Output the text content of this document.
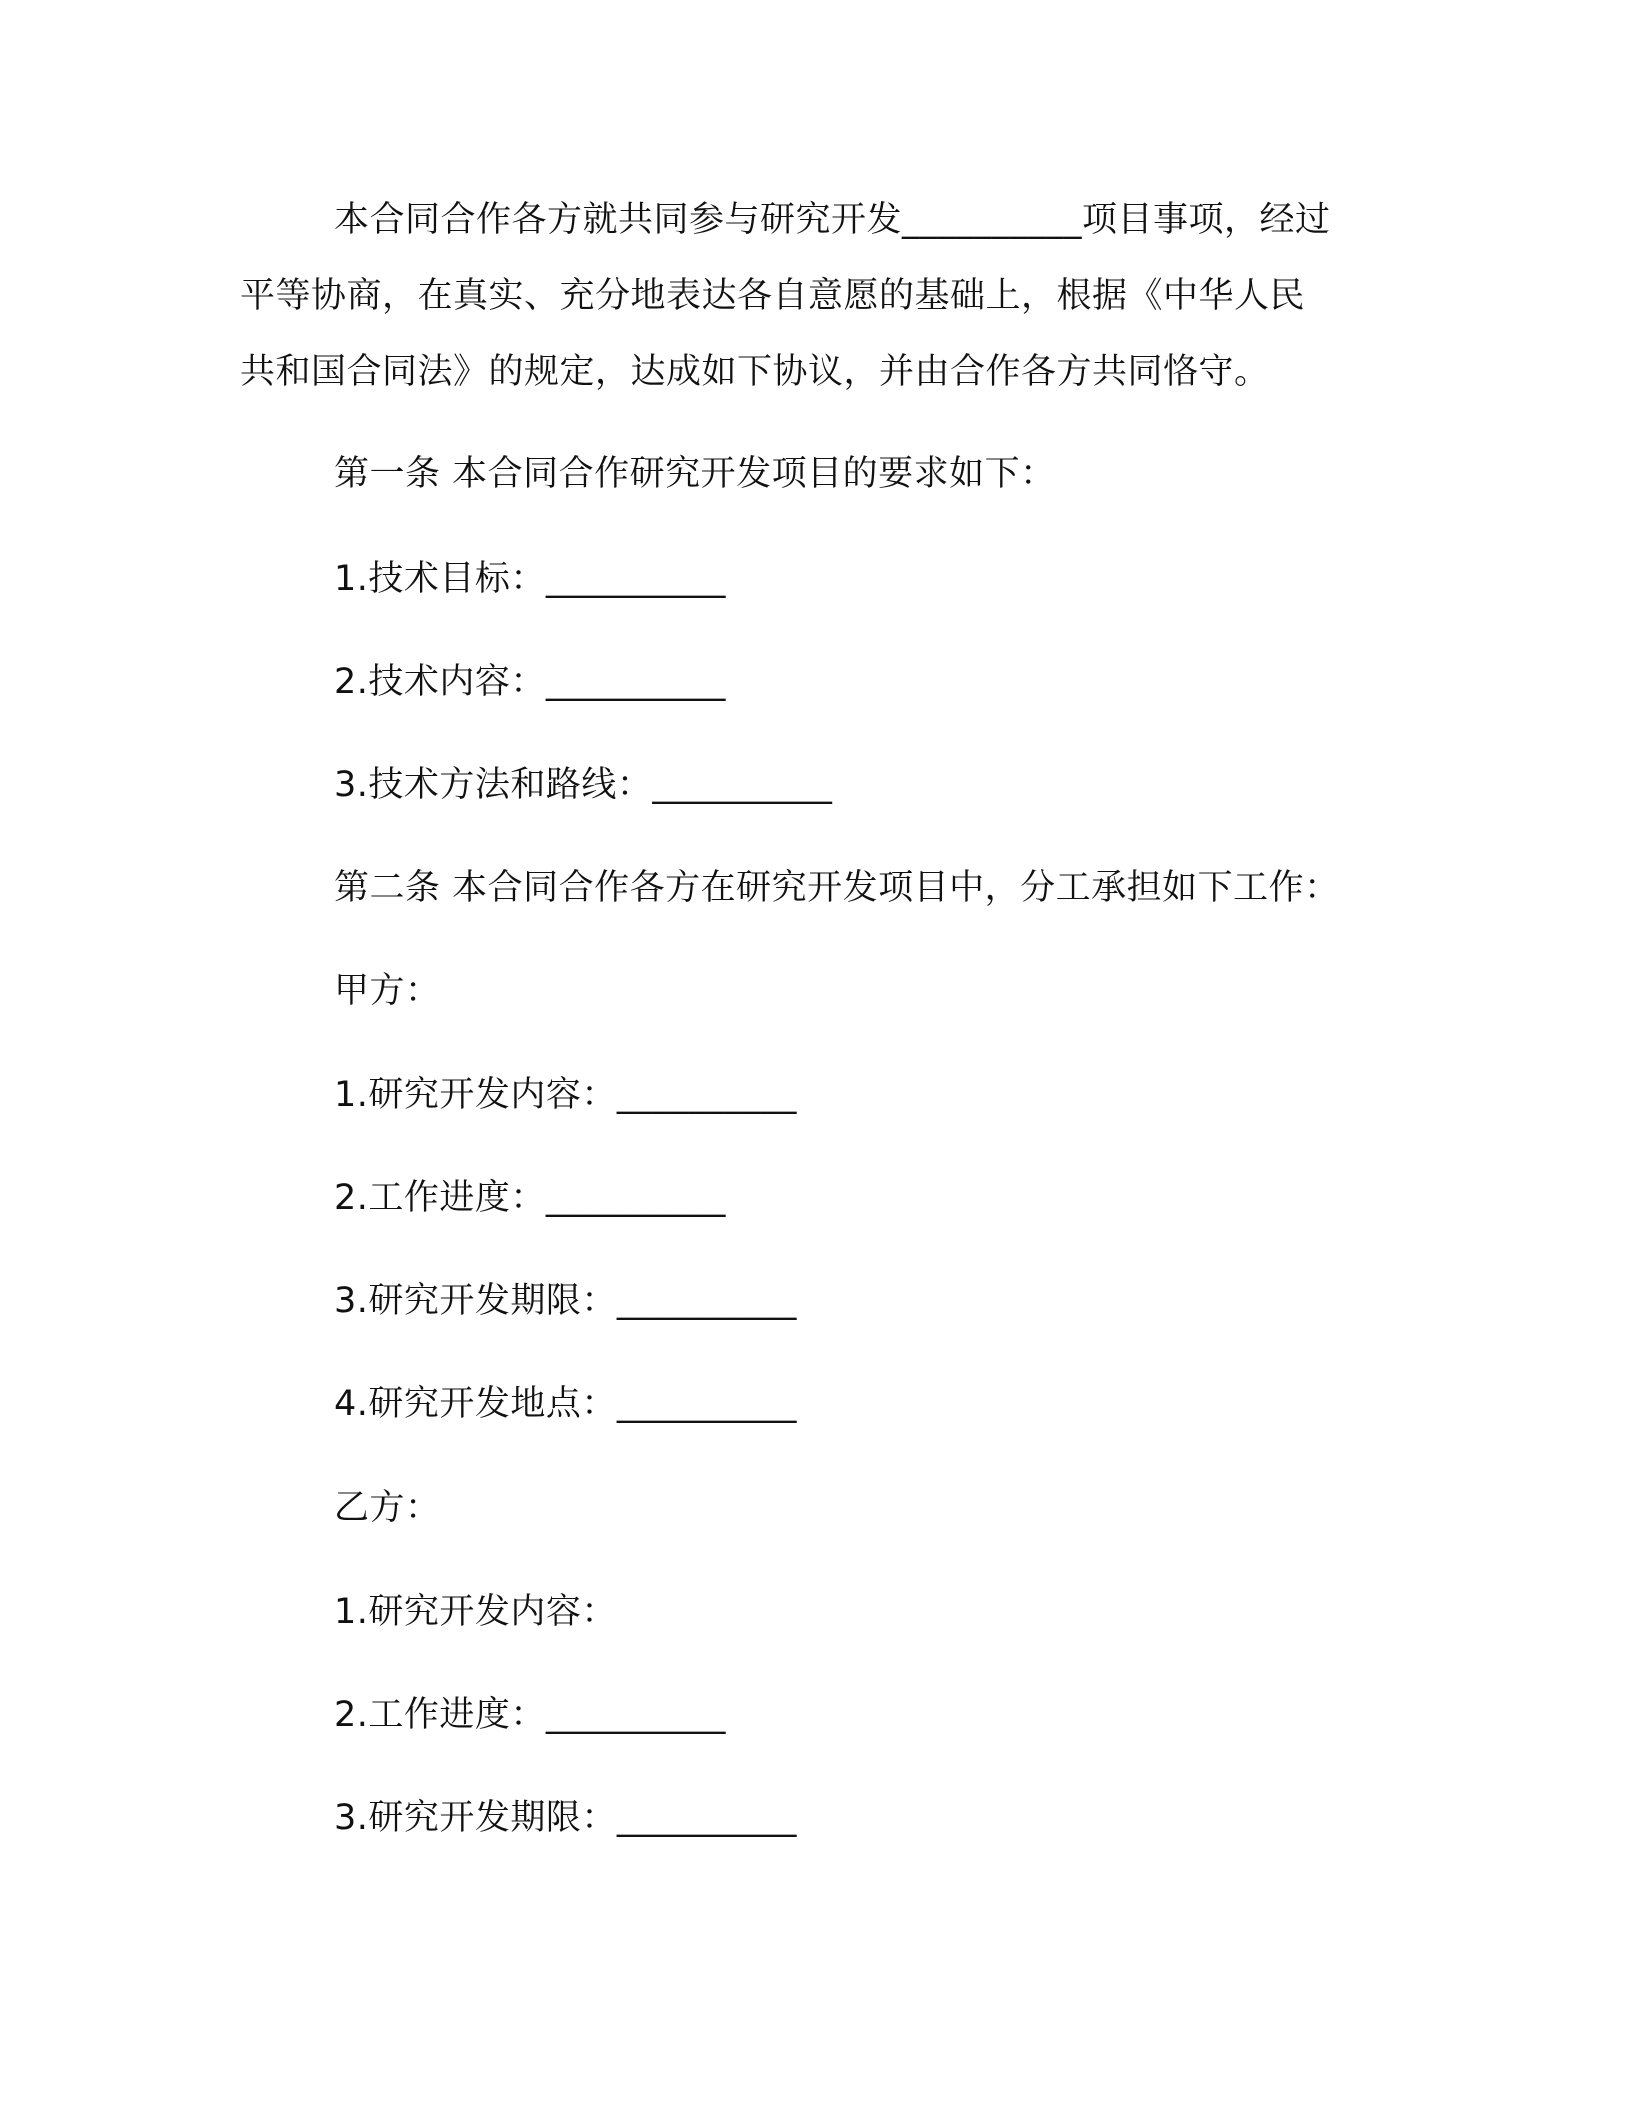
本合同合作各方就共同参与研究开发__________项目事项，经过
平等协商，在真实、充分地表达各自意愿的基础上，根据《中华人民
共和国合同法》的规定，达成如下协议，并由合作各方共同恪守。
第一条 本合同合作研究开发项目的要求如下：
1.技术目标：__________
2.技术内容：__________
3.技术方法和路线：__________
第二条 本合同合作各方在研究开发项目中，分工承担如下工作：
甲方：
1.研究开发内容：__________
2.工作进度：__________
3.研究开发期限：__________
4.研究开发地点：__________
乙方：
1.研究开发内容：
2.工作进度：__________
3.研究开发期限：__________
